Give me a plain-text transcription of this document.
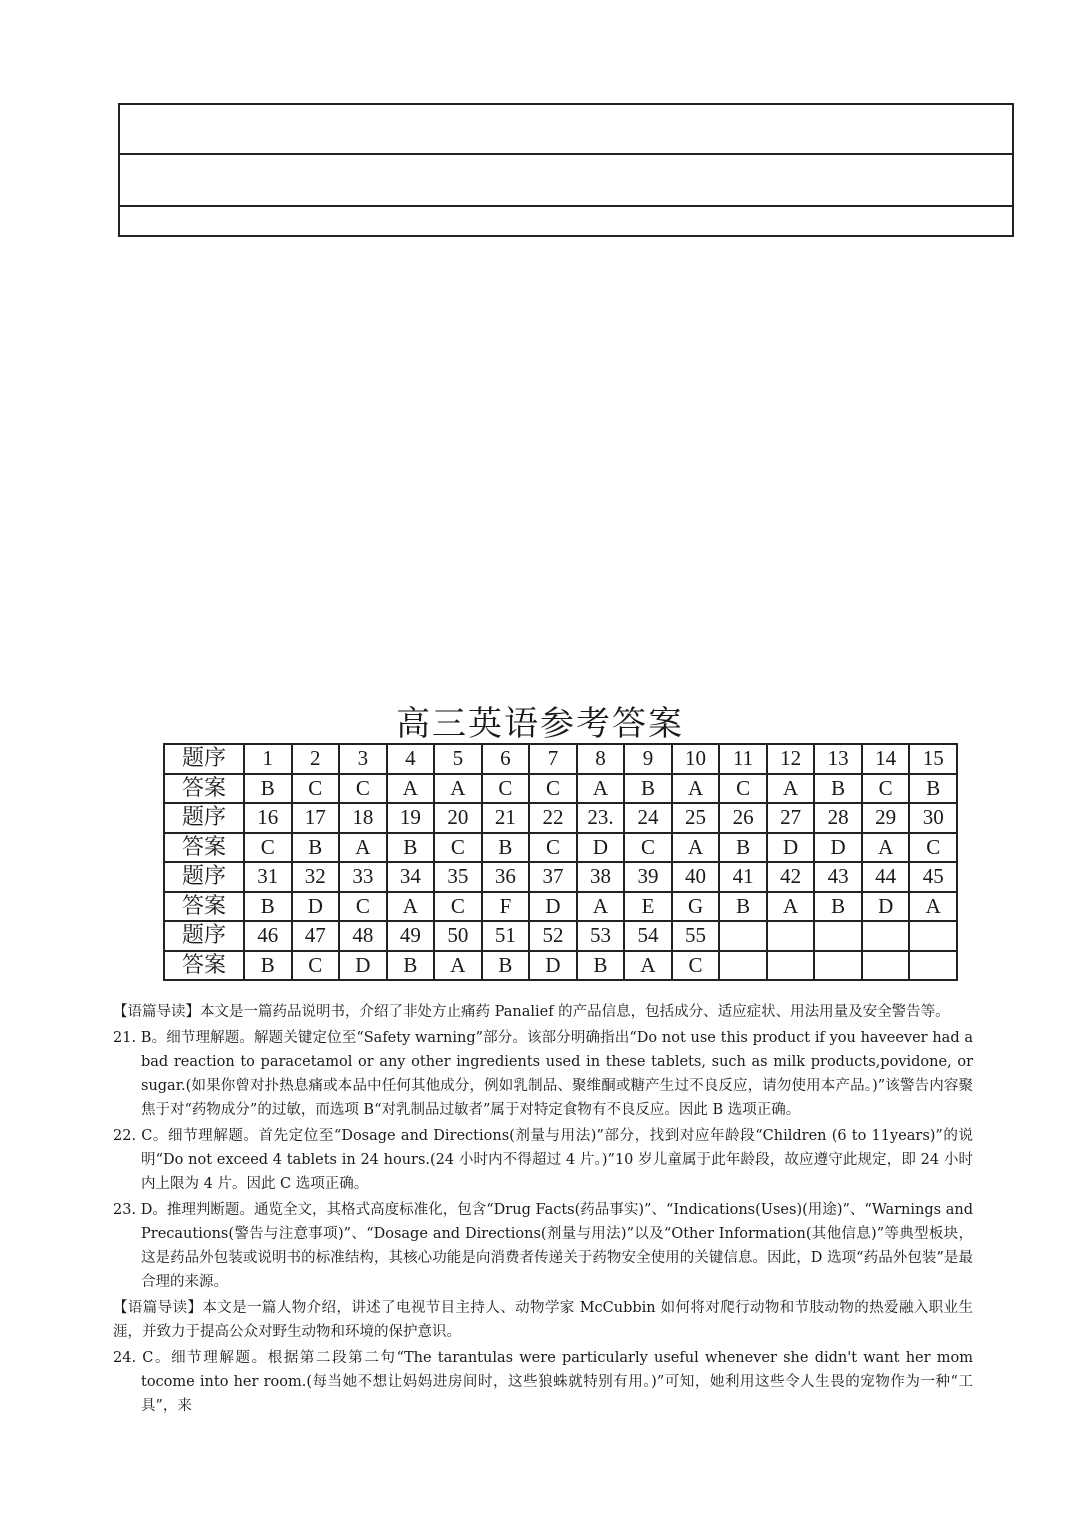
高三英语参考答案
题序	1	2	3	4	5	6	7	8	9	10	11	12	13	14	15
答案	B	C	C	A	A	C	C	A	B	A	C	A	B	C	B
题序	16	17	18	19	20	21	22	23.	24	25	26	27	28	29	30
答案	C	B	A	B	C	B	C	D	C	A	B	D	D	A	C
题序	31	32	33	34	35	36	37	38	39	40	41	42	43	44	45
答案	B	D	C	A	C	F	D	A	E	G	B	A	B	D	A
题序	46	47	48	49	50	51	52	53	54	55					
答案	B	C	D	B	A	B	D	B	A	C					

【语篇导读】本文是一篇药品说明书，介绍了非处方止痛药 Panalief 的产品信息，包括成分、适应症状、用法用量及安全警告等。

21. B。细节理解题。解题关键定位至“Safety warning”部分。该部分明确指出“Do not use this product if you haveever had a bad reaction to paracetamol or any other ingredients used in these tablets, such as milk products,povidone, or sugar.(如果你曾对扑热息痛或本品中任何其他成分，例如乳制品、聚维酮或糖产生过不良反应，请勿使用本产品。)”该警告内容聚焦于对“药物成分”的过敏，而选项 B“对乳制品过敏者”属于对特定食物有不良反应。因此 B 选项正确。

22. C。细节理解题。首先定位至“Dosage and Directions(剂量与用法)”部分，找到对应年龄段“Children (6 to 11years)”的说明“Do not exceed 4 tablets in 24 hours.(24 小时内不得超过 4 片。)”10 岁儿童属于此年龄段，故应遵守此规定，即 24 小时内上限为 4 片。因此 C 选项正确。

23. D。推理判断题。通览全文，其格式高度标准化，包含“Drug Facts(药品事实)”、“Indications(Uses)(用途)”、“Warnings and Precautions(警告与注意事项)”、“Dosage and Directions(剂量与用法)”以及“Other Information(其他信息)”等典型板块，这是药品外包装或说明书的标准结构，其核心功能是向消费者传递关于药物安全使用的关键信息。因此，D 选项“药品外包装”是最合理的来源。

【语篇导读】本文是一篇人物介绍，讲述了电视节目主持人、动物学家 McCubbin 如何将对爬行动物和节肢动物的热爱融入职业生涯，并致力于提高公众对野生动物和环境的保护意识。

24. C。细节理解题。根据第二段第二句“The tarantulas were particularly useful whenever she didn't want her mom tocome into her room.(每当她不想让妈妈进房间时，这些狼蛛就特别有用。)”可知，她利用这些令人生畏的宠物作为一种“工具”，来
